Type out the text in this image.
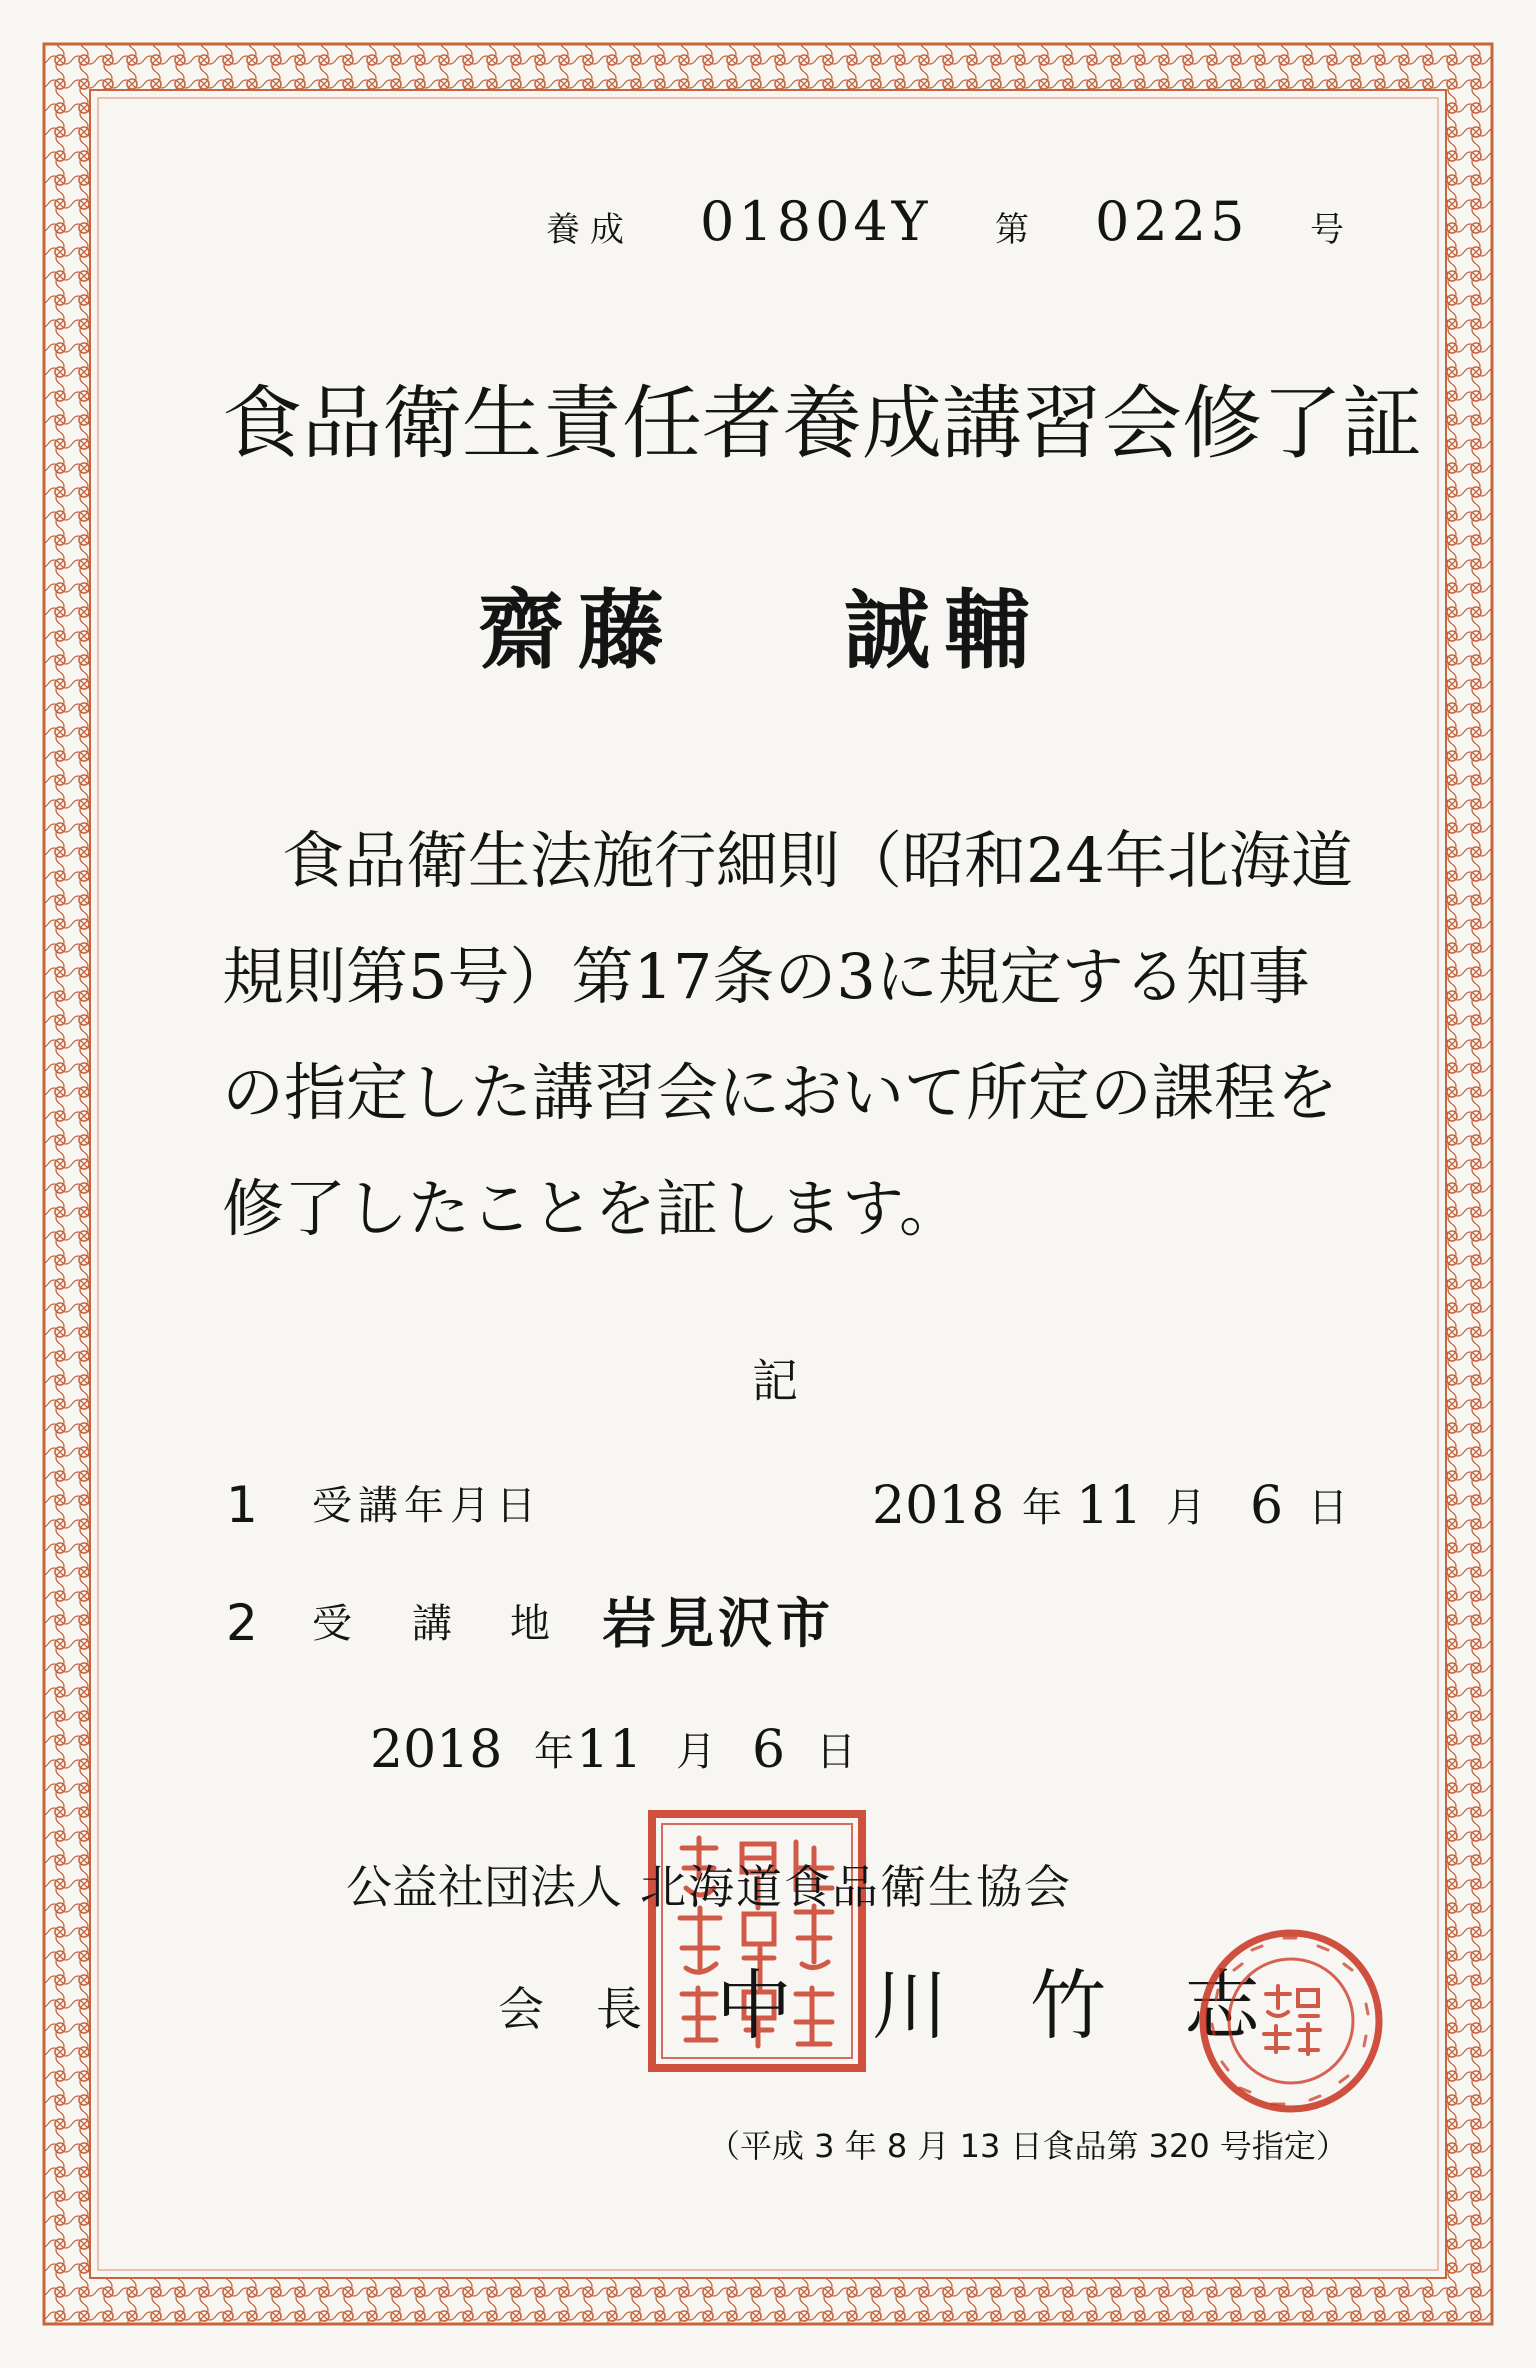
養成 01804Y 第 0225 号
食品衛生責任者養成講習会修了証
齋藤 誠輔
食品衛生法施行細則（昭和24年北海道
規則第5号）第17条の3に規定する知事
の指定した講習会において所定の課程を
修了したことを証します。
記
1 受講年月日	2018 年 11 月 6 日
2 受 講 地 岩見沢市
2018 年 11 月 6 日
公益社団法人 北海道食品衛生協会
会 長 中 川 竹 志
（平成 3 年 8 月 13 日食品第 320 号指定）
